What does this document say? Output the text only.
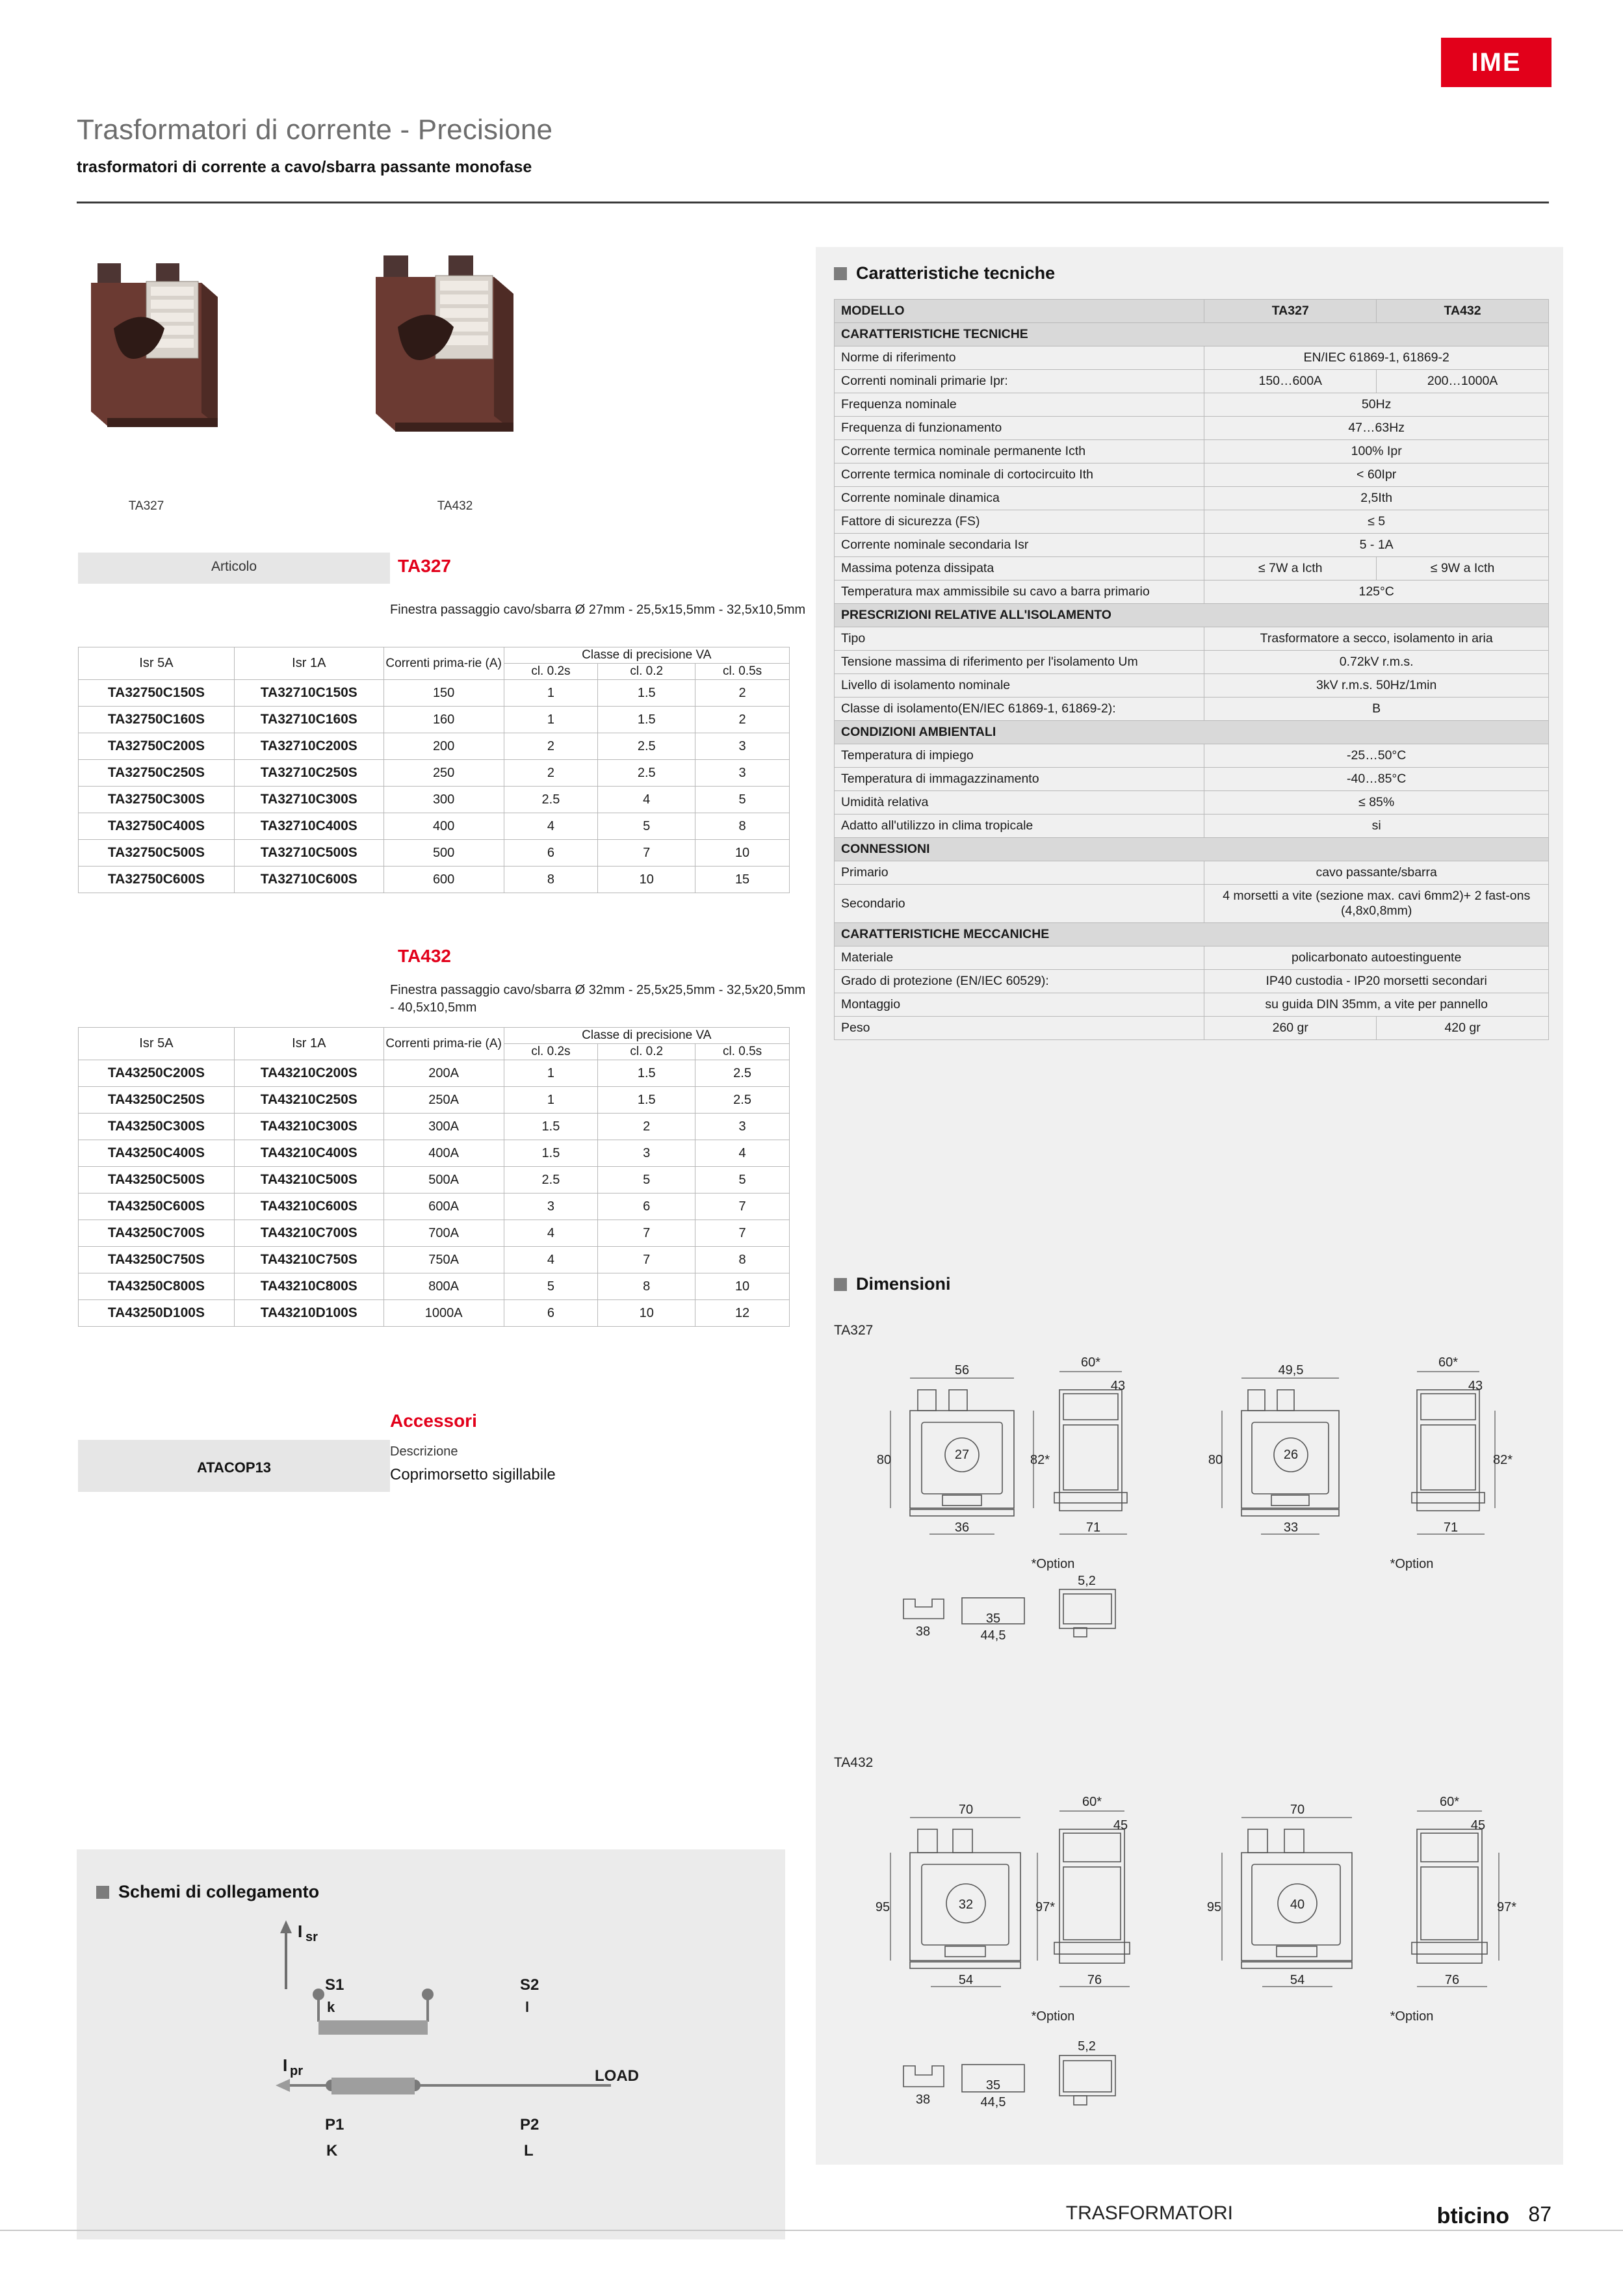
IME
Trasformatori di corrente - Precisione
trasformatori di corrente a cavo/sbarra passante monofase
TA327	TA432
Articolo	TA327
Finestra passaggio cavo/sbarra Ø 27mm - 25,5x15,5mm - 32,5x10,5mm
Isr 5A	Isr 1A	Correnti prima-rie (A)	Classe di precisione VA		
			cl. 0.2s	cl. 0.2	cl. 0.5s
TA32750C150S	TA32710C150S	150	1	1.5	2
TA32750C160S	TA32710C160S	160	1	1.5	2
TA32750C200S	TA32710C200S	200	2	2.5	3
TA32750C250S	TA32710C250S	250	2	2.5	3
TA32750C300S	TA32710C300S	300	2.5	4	5
TA32750C400S	TA32710C400S	400	4	5	8
TA32750C500S	TA32710C500S	500	6	7	10
TA32750C600S	TA32710C600S	600	8	10	15
TA432
Finestra passaggio cavo/sbarra Ø 32mm - 25,5x25,5mm - 32,5x20,5mm - 40,5x10,5mm
Isr 5A	Isr 1A	Correnti prima-rie (A)	Classe di precisione VA		
			cl. 0.2s	cl. 0.2	cl. 0.5s
TA43250C200S	TA43210C200S	200A	1	1.5	2.5
TA43250C250S	TA43210C250S	250A	1	1.5	2.5
TA43250C300S	TA43210C300S	300A	1.5	2	3
TA43250C400S	TA43210C400S	400A	1.5	3	4
TA43250C500S	TA43210C500S	500A	2.5	5	5
TA43250C600S	TA43210C600S	600A	3	6	7
TA43250C700S	TA43210C700S	700A	4	7	7
TA43250C750S	TA43210C750S	750A	4	7	8
TA43250C800S	TA43210C800S	800A	5	8	10
TA43250D100S	TA43210D100S	1000A	6	10	12
Accessori
Descrizione
ATACOP13	Coprimorsetto sigillabile
Schemi di collegamento
I sr
I pr
S1
k
S2
l
LOAD
P1
K
P2
L
Caratteristiche tecniche
MODELLO	TA327	TA432
CARATTERISTICHE TECNICHE		
Norme di riferimento	EN/IEC 61869-1, 61869-2	
Correnti nominali primarie Ipr:	150…600A	200…1000A
Frequenza nominale	50Hz	
Frequenza di funzionamento	47…63Hz	
Corrente termica nominale permanente Icth	100% Ipr	
Corrente termica nominale di cortocircuito Ith	< 60Ipr	
Corrente nominale dinamica	2,5Ith	
Fattore di sicurezza (FS)	≤ 5	
Corrente nominale secondaria Isr	5 - 1A	
Massima potenza dissipata	≤ 7W a Icth	≤ 9W a Icth
Temperatura max ammissibile su cavo a barra primario	125°C	
PRESCRIZIONI RELATIVE ALL'ISOLAMENTO		
Tipo	Trasformatore a secco, isolamento in aria	
Tensione massima di riferimento per l'isolamento Um	0.72kV r.m.s.	
Livello di isolamento nominale	3kV r.m.s. 50Hz/1min	
Classe di isolamento(EN/IEC 61869-1, 61869-2):	B	
CONDIZIONI AMBIENTALI		
Temperatura di impiego	-25…50°C	
Temperatura di immagazzinamento	-40…85°C	
Umidità relativa	≤ 85%	
Adatto all'utilizzo in clima tropicale	si	
CONNESSIONI		
Primario	cavo passante/sbarra	
Secondario	4 morsetti a vite (sezione max. cavi 6mm2)+ 2 fast-ons (4,8x0,8mm)	
CARATTERISTICHE MECCANICHE		
Materiale	policarbonato autoestinguente	
Grado di protezione (EN/IEC 60529):	IP40 custodia - IP20 morsetti secondari	
Montaggio	su guida DIN 35mm, a vite per pannello	
Peso	260 gr	420 gr
Dimensioni
TA327
56
60*
43
80	82*
27
36	71
49,5
60*
43
80	82*
26
33	71
*Option	*Option
5,2
38
35
44,5
TA432
70
60*
45
95	97*
32
54	76
70
60*
45
95	97*
40
54	76
*Option	*Option
5,2
38
35
44,5
TRASFORMATORI	bticino 87
